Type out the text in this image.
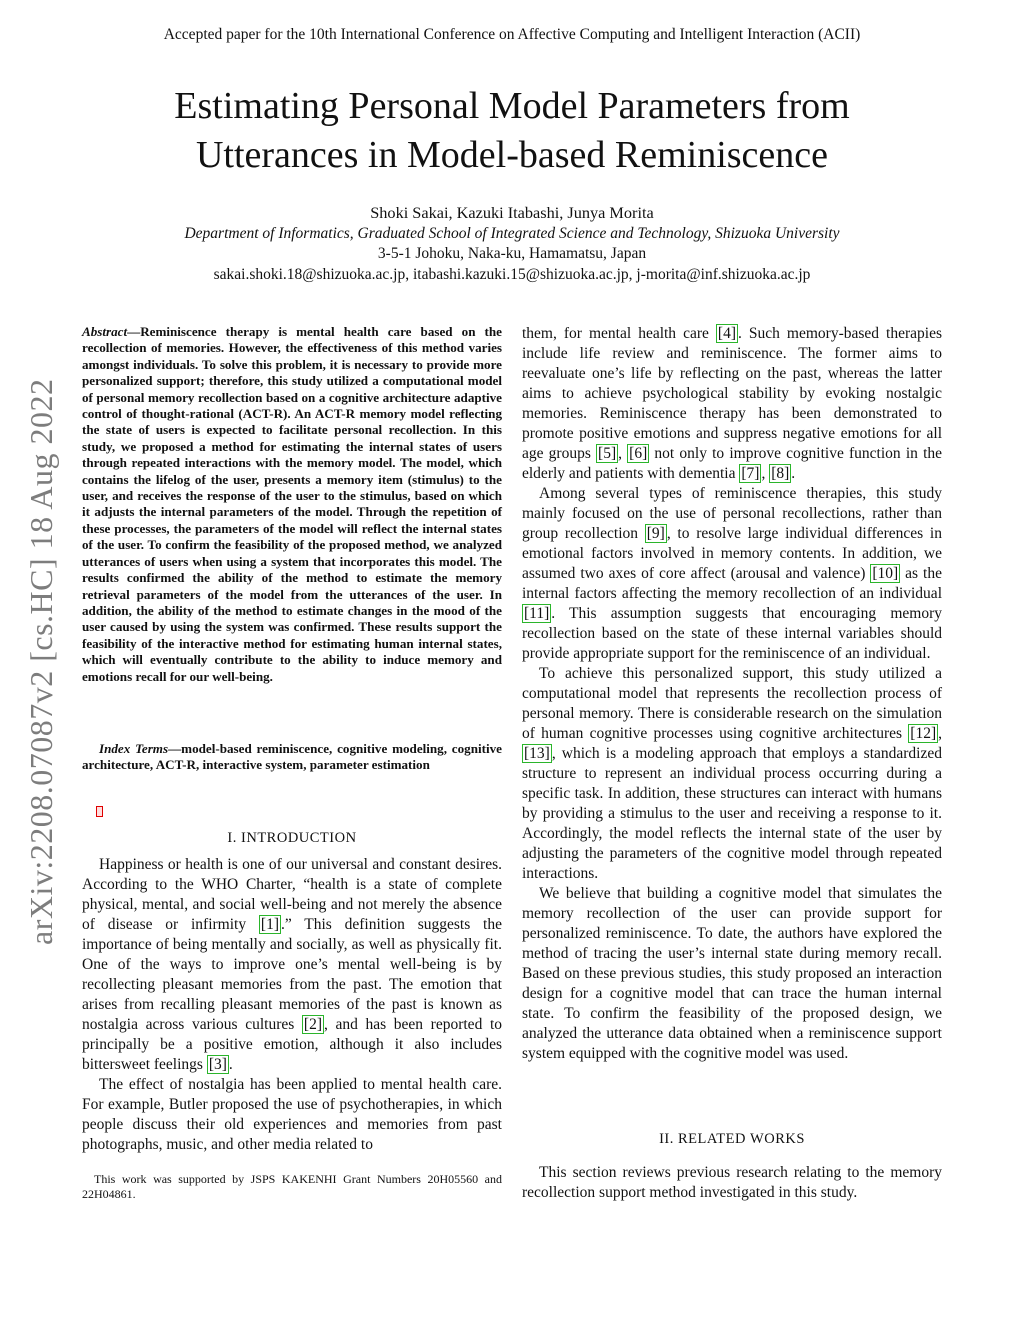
Accepted paper for the 10th International Conference on Affective Computing and Intelligent Interaction (ACII)
Estimating Personal Model Parameters from
Utterances in Model-based Reminiscence
Shoki Sakai, Kazuki Itabashi, Junya Morita
Department of Informatics, Graduated School of Integrated Science and Technology, Shizuoka University
3-5-1 Johoku, Naka-ku, Hamamatsu, Japan
sakai.shoki.18@shizuoka.ac.jp, itabashi.kazuki.15@shizuoka.ac.jp, j-morita@inf.shizuoka.ac.jp
arXiv:2208.07087v2 [cs.HC] 18 Aug 2022
Abstract—Reminiscence therapy is mental health care based on the recollection of memories. However, the effectiveness of this method varies amongst individuals. To solve this problem, it is necessary to provide more personalized support; therefore, this study utilized a computational model of personal memory recollection based on a cognitive architecture adaptive control of thought-rational (ACT-R). An ACT-R memory model reflecting the state of users is expected to facilitate personal recollection. In this study, we proposed a method for estimating the internal states of users through repeated interactions with the memory model. The model, which contains the lifelog of the user, presents a memory item (stimulus) to the user, and receives the response of the user to the stimulus, based on which it adjusts the internal parameters of the model. Through the repetition of these processes, the parameters of the model will reflect the internal states of the user. To confirm the feasibility of the proposed method, we analyzed utterances of users when using a system that incorporates this model. The results confirmed the ability of the method to estimate the memory retrieval parameters of the model from the utterances of the user. In addition, the ability of the method to estimate changes in the mood of the user caused by using the system was confirmed. These results support the feasibility of the interactive method for estimating human internal states, which will eventually contribute to the ability to induce memory and emotions recall for our well-being.
Index Terms—model-based reminiscence, cognitive modeling, cognitive architecture, ACT-R, interactive system, parameter estimation
I. INTRODUCTION

Happiness or health is one of our universal and constant desires. According to the WHO Charter, “health is a state of complete physical, mental, and social well-being and not merely the absence of disease or infirmity [1] .” This definition suggests the importance of being mentally and socially, as well as physically fit. One of the ways to improve one’s mental well-being is by recollecting pleasant memories from the past. The emotion that arises from recalling pleasant memories of the past is known as nostalgia across various cultures [2] , and has been reported to principally be a positive emotion, although it also includes bittersweet feelings [3] .

The effect of nostalgia has been applied to mental health care. For example, Butler proposed the use of psychotherapies, in which people discuss their old experiences and memories from past photographs, music, and other media related to

This work was supported by JSPS KAKENHI Grant Numbers 20H05560 and 22H04861.

them, for mental health care [4] . Such memory-based therapies include life review and reminiscence. The former aims to reevaluate one’s life by reflecting on the past, whereas the latter aims to achieve psychological stability by evoking nostalgic memories. Reminiscence therapy has been demonstrated to promote positive emotions and suppress negative emotions for all age groups [5] , [6] not only to improve cognitive function in the elderly and patients with dementia [7] , [8] .

Among several types of reminiscence therapies, this study mainly focused on the use of personal recollections, rather than group recollection [9] , to resolve large individual differences in emotional factors involved in memory contents. In addition, we assumed two axes of core affect (arousal and valence) [10] as the internal factors affecting the memory recollection of an individual [11] . This assumption suggests that encouraging memory recollection based on the state of these internal variables should provide appropriate support for the reminiscence of an individual.

To achieve this personalized support, this study utilized a computational model that represents the recollection process of personal memory. There is considerable research on the simulation of human cognitive processes using cognitive architectures [12] , [13] , which is a modeling approach that employs a standardized structure to represent an individual process occurring during a specific task. In addition, these structures can interact with humans by providing a stimulus to the user and receiving a response to it. Accordingly, the model reflects the internal state of the user by adjusting the parameters of the cognitive model through repeated interactions.

We believe that building a cognitive model that simulates the memory recollection of the user can provide support for personalized reminiscence. To date, the authors have explored the method of tracing the user’s internal state during memory recall. Based on these previous studies, this study proposed an interaction design for a cognitive model that can trace the human internal state. To confirm the feasibility of the proposed design, we analyzed the utterance data obtained when a reminiscence support system equipped with the cognitive model was used.

II. RELATED WORKS

This section reviews previous research relating to the memory recollection support method investigated in this study.
